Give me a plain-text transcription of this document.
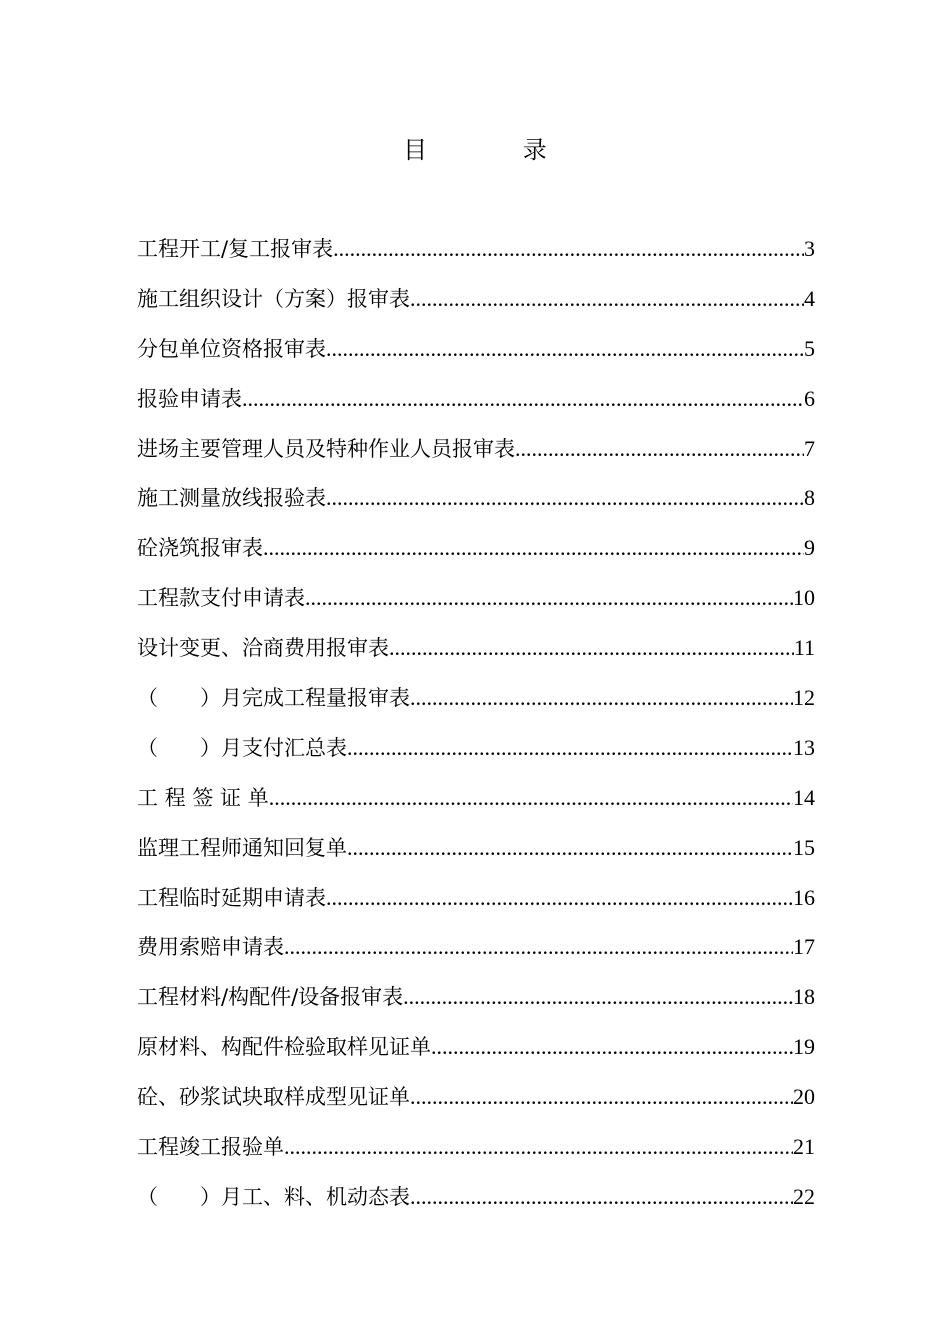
目 录
工程开工/复工报审表 .....	3
施工组织设计（方案）报审表 .....	4
分包单位资格报审表 .....	5
报验申请表 .....	6
进场主要管理人员及特种作业人员报审表 .....	7
施工测量放线报验表 .....	8
砼浇筑报审表 .....	9
工程款支付申请表 .....	10
设计变更、洽商费用报审表 .....	11
（　　）月完成工程量报审表 .....	12
（　　）月支付汇总表 .....	13
工 程 签 证 单 .....	14
监理工程师通知回复单 .....	15
工程临时延期申请表 .....	16
费用索赔申请表 .....	17
工程材料/构配件/设备报审表 .....	18
原材料、构配件检验取样见证单 .....	19
砼、砂浆试块取样成型见证单 .....	20
工程竣工报验单 .....	21
（　　）月工、料、机动态表 .....	22
